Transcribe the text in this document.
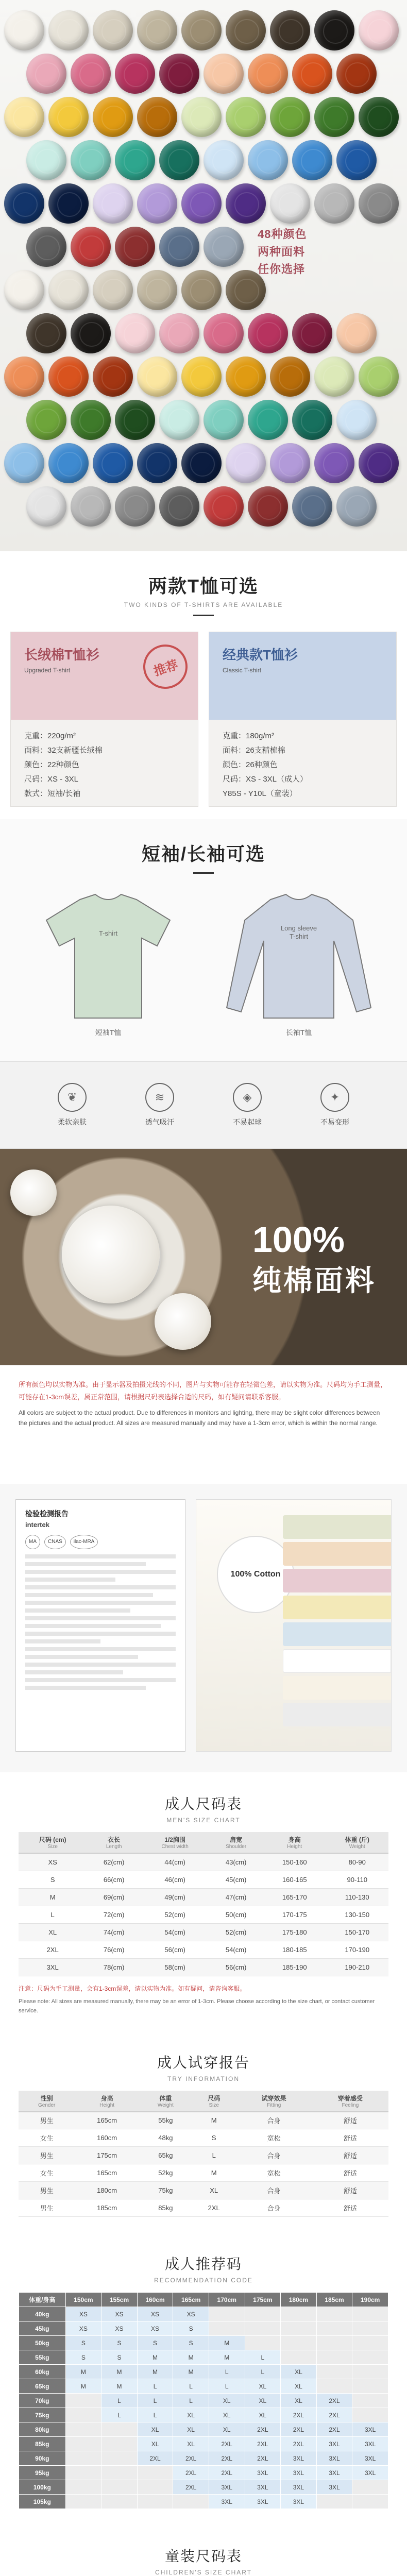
48种颜色
两种面料
任你选择
两款T恤可选

TWO KINDS OF T-SHIRTS ARE AVAILABLE

长绒棉T恤衫
Upgraded T-shirt	推荐
克重：220g/m²
面料：32支新疆长绒棉
颜色：22种颜色
尺码：XS - 3XL
款式：短袖/长袖
经典款T恤衫
Classic T-shirt
克重：180g/m²
面料：26支精梳棉
颜色：26种颜色
尺码：XS - 3XL（成人）
Y85S - Y10L（童装）
短袖/长袖可选
T-shirt
短袖T恤
Long sleeve
T-shirt
长袖T恤
❦
柔软亲肤
≋
透气吸汗
◈
不易起球
✦
不易变形
100%
纯棉面料

所有颜色均以实物为准。由于显示器及拍摄光线的不同，图片与实物可能存在轻微色差，请以实物为准。尺码均为手工测量，可能存在1-3cm误差，属正常范围，请根据尺码表选择合适的尺码，如有疑问请联系客服。

All colors are subject to the actual product. Due to differences in monitors and lighting, there may be slight color differences between the pictures and the actual product. All sizes are measured manually and may have a 1-3cm error, which is within the normal range.

检验检测报告
intertek
MA	CNAS	ilac-MRA
100% Cotton
成人尺码表

MEN'S SIZE CHART

尺码 (cm)
Size	衣长
Length	1/2胸围
Chest width	肩宽
Shoulder	身高
Height	体重 (斤)
Weight

XS	62(cm)	44(cm)	43(cm)	150-160	80-90
S	66(cm)	46(cm)	45(cm)	160-165	90-110
M	69(cm)	49(cm)	47(cm)	165-170	110-130
L	72(cm)	52(cm)	50(cm)	170-175	130-150
XL	74(cm)	54(cm)	52(cm)	175-180	150-170
2XL	76(cm)	56(cm)	54(cm)	180-185	170-190
3XL	78(cm)	58(cm)	56(cm)	185-190	190-210
注意：尺码为手工测量，会有1-3cm误差，请以实物为准。如有疑问，请咨询客服。
Please note: All sizes are measured manually, there may be an error of 1-3cm. Please choose according to the size chart, or contact customer service.
成人试穿报告

TRY INFORMATION

性别
Gender	身高
Height	体重
Weight	尺码
Size	试穿效果
Fitting	穿着感受
Feeling

男生	165cm	55kg	M	合身	舒适
女生	160cm	48kg	S	宽松	舒适
男生	175cm	65kg	L	合身	舒适
女生	165cm	52kg	M	宽松	舒适
男生	180cm	75kg	XL	合身	舒适
男生	185cm	85kg	2XL	合身	舒适
成人推荐码

RECOMMENDATION CODE

体重/身高	150cm	155cm	160cm	165cm	170cm	175cm	180cm	185cm	190cm
40kg	XS	XS	XS	XS					
45kg	XS	XS	XS	S					
50kg	S	S	S	S	M				
55kg	S	S	M	M	M	L			
60kg	M	M	M	M	L	L	XL		
65kg	M	M	L	L	L	XL	XL		
70kg		L	L	L	XL	XL	XL	2XL	
75kg		L	L	XL	XL	XL	2XL	2XL	
80kg			XL	XL	XL	2XL	2XL	2XL	3XL
85kg			XL	XL	2XL	2XL	2XL	3XL	3XL
90kg			2XL	2XL	2XL	2XL	3XL	3XL	3XL
95kg				2XL	2XL	3XL	3XL	3XL	3XL
100kg				2XL	3XL	3XL	3XL	3XL	
105kg					3XL	3XL	3XL		
童装尺码表

CHILDREN'S SIZE CHART
